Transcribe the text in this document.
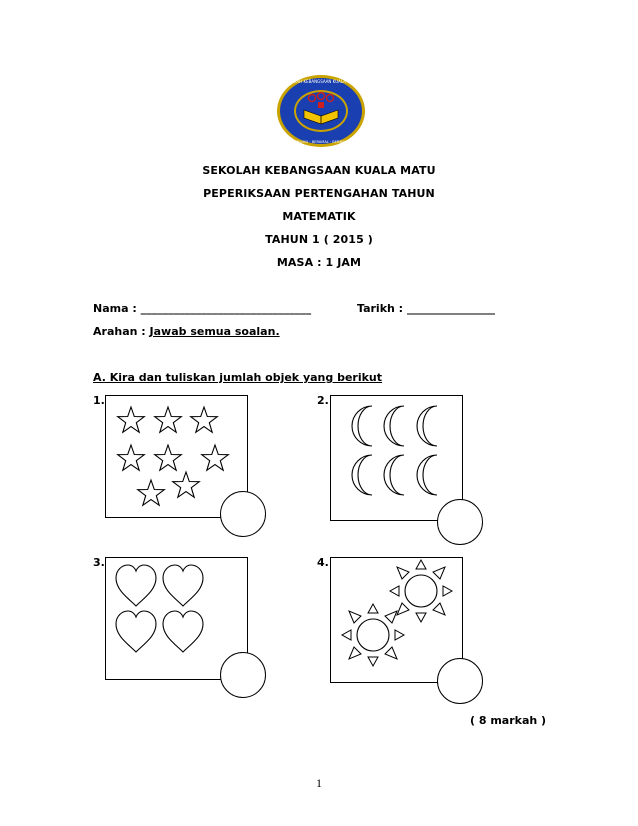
SEKOLAH KEBANGSAAN KUALA MATU
BERILMU · BERAMAL · BERBAKTI
SEKOLAH KEBANGSAAN KUALA MATU
PEPERIKSAAN PERTENGAHAN TAHUN
MATEMATIK
TAHUN 1 ( 2015 )
MASA : 1 JAM
Nama : _______________________________	Tarikh : ________________
Arahan : Jawab semua soalan.
A. Kira dan tuliskan jumlah objek yang berikut
1.	2.
3.	4.
( 8 markah )
1
